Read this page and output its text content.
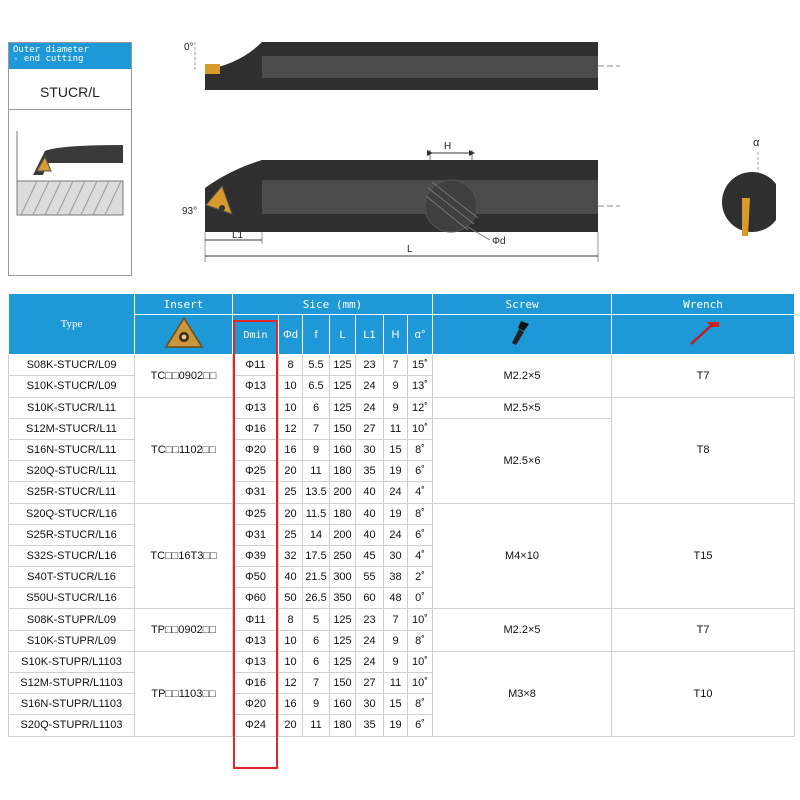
Outer diameter
- end cutting
STUCR/L
0°
H
Φd
93°
L1
L
α
Type	Insert	Sice (mm)							Screw	Wrench
	Dmin	Φd	f	L	L1	H	α°		
S08K-STUCR/L09	TC□□0902□□	Φ11	8	5.5	125	23	7	15˚	M2.2×5	T7
S10K-STUCR/L09		Φ13	10	6.5	125	24	9	13˚		
S10K-STUCR/L11	TC□□1102□□	Φ13	10	6	125	24	9	12˚	M2.5×5	T8
S12M-STUCR/L11		Φ16	12	7	150	27	11	10˚	M2.5×6	
S16N-STUCR/L11		Φ20	16	9	160	30	15	8˚		
S20Q-STUCR/L11		Φ25	20	11	180	35	19	6˚		
S25R-STUCR/L11		Φ31	25	13.5	200	40	24	4˚		
S20Q-STUCR/L16	TC□□16T3□□	Φ25	20	11.5	180	40	19	8˚	M4×10	T15
S25R-STUCR/L16		Φ31	25	14	200	40	24	6˚		
S32S-STUCR/L16		Φ39	32	17.5	250	45	30	4˚		
S40T-STUCR/L16		Φ50	40	21.5	300	55	38	2˚		
S50U-STUCR/L16		Φ60	50	26.5	350	60	48	0˚		
S08K-STUPR/L09	TP□□0902□□	Φ11	8	5	125	23	7	10˚	M2.2×5	T7
S10K-STUPR/L09		Φ13	10	6	125	24	9	8˚		
S10K-STUPR/L1103	TP□□1103□□	Φ13	10	6	125	24	9	10˚	M3×8	T10
S12M-STUPR/L1103		Φ16	12	7	150	27	11	10˚		
S16N-STUPR/L1103		Φ20	16	9	160	30	15	8˚		
S20Q-STUPR/L1103		Φ24	20	11	180	35	19	6˚		
